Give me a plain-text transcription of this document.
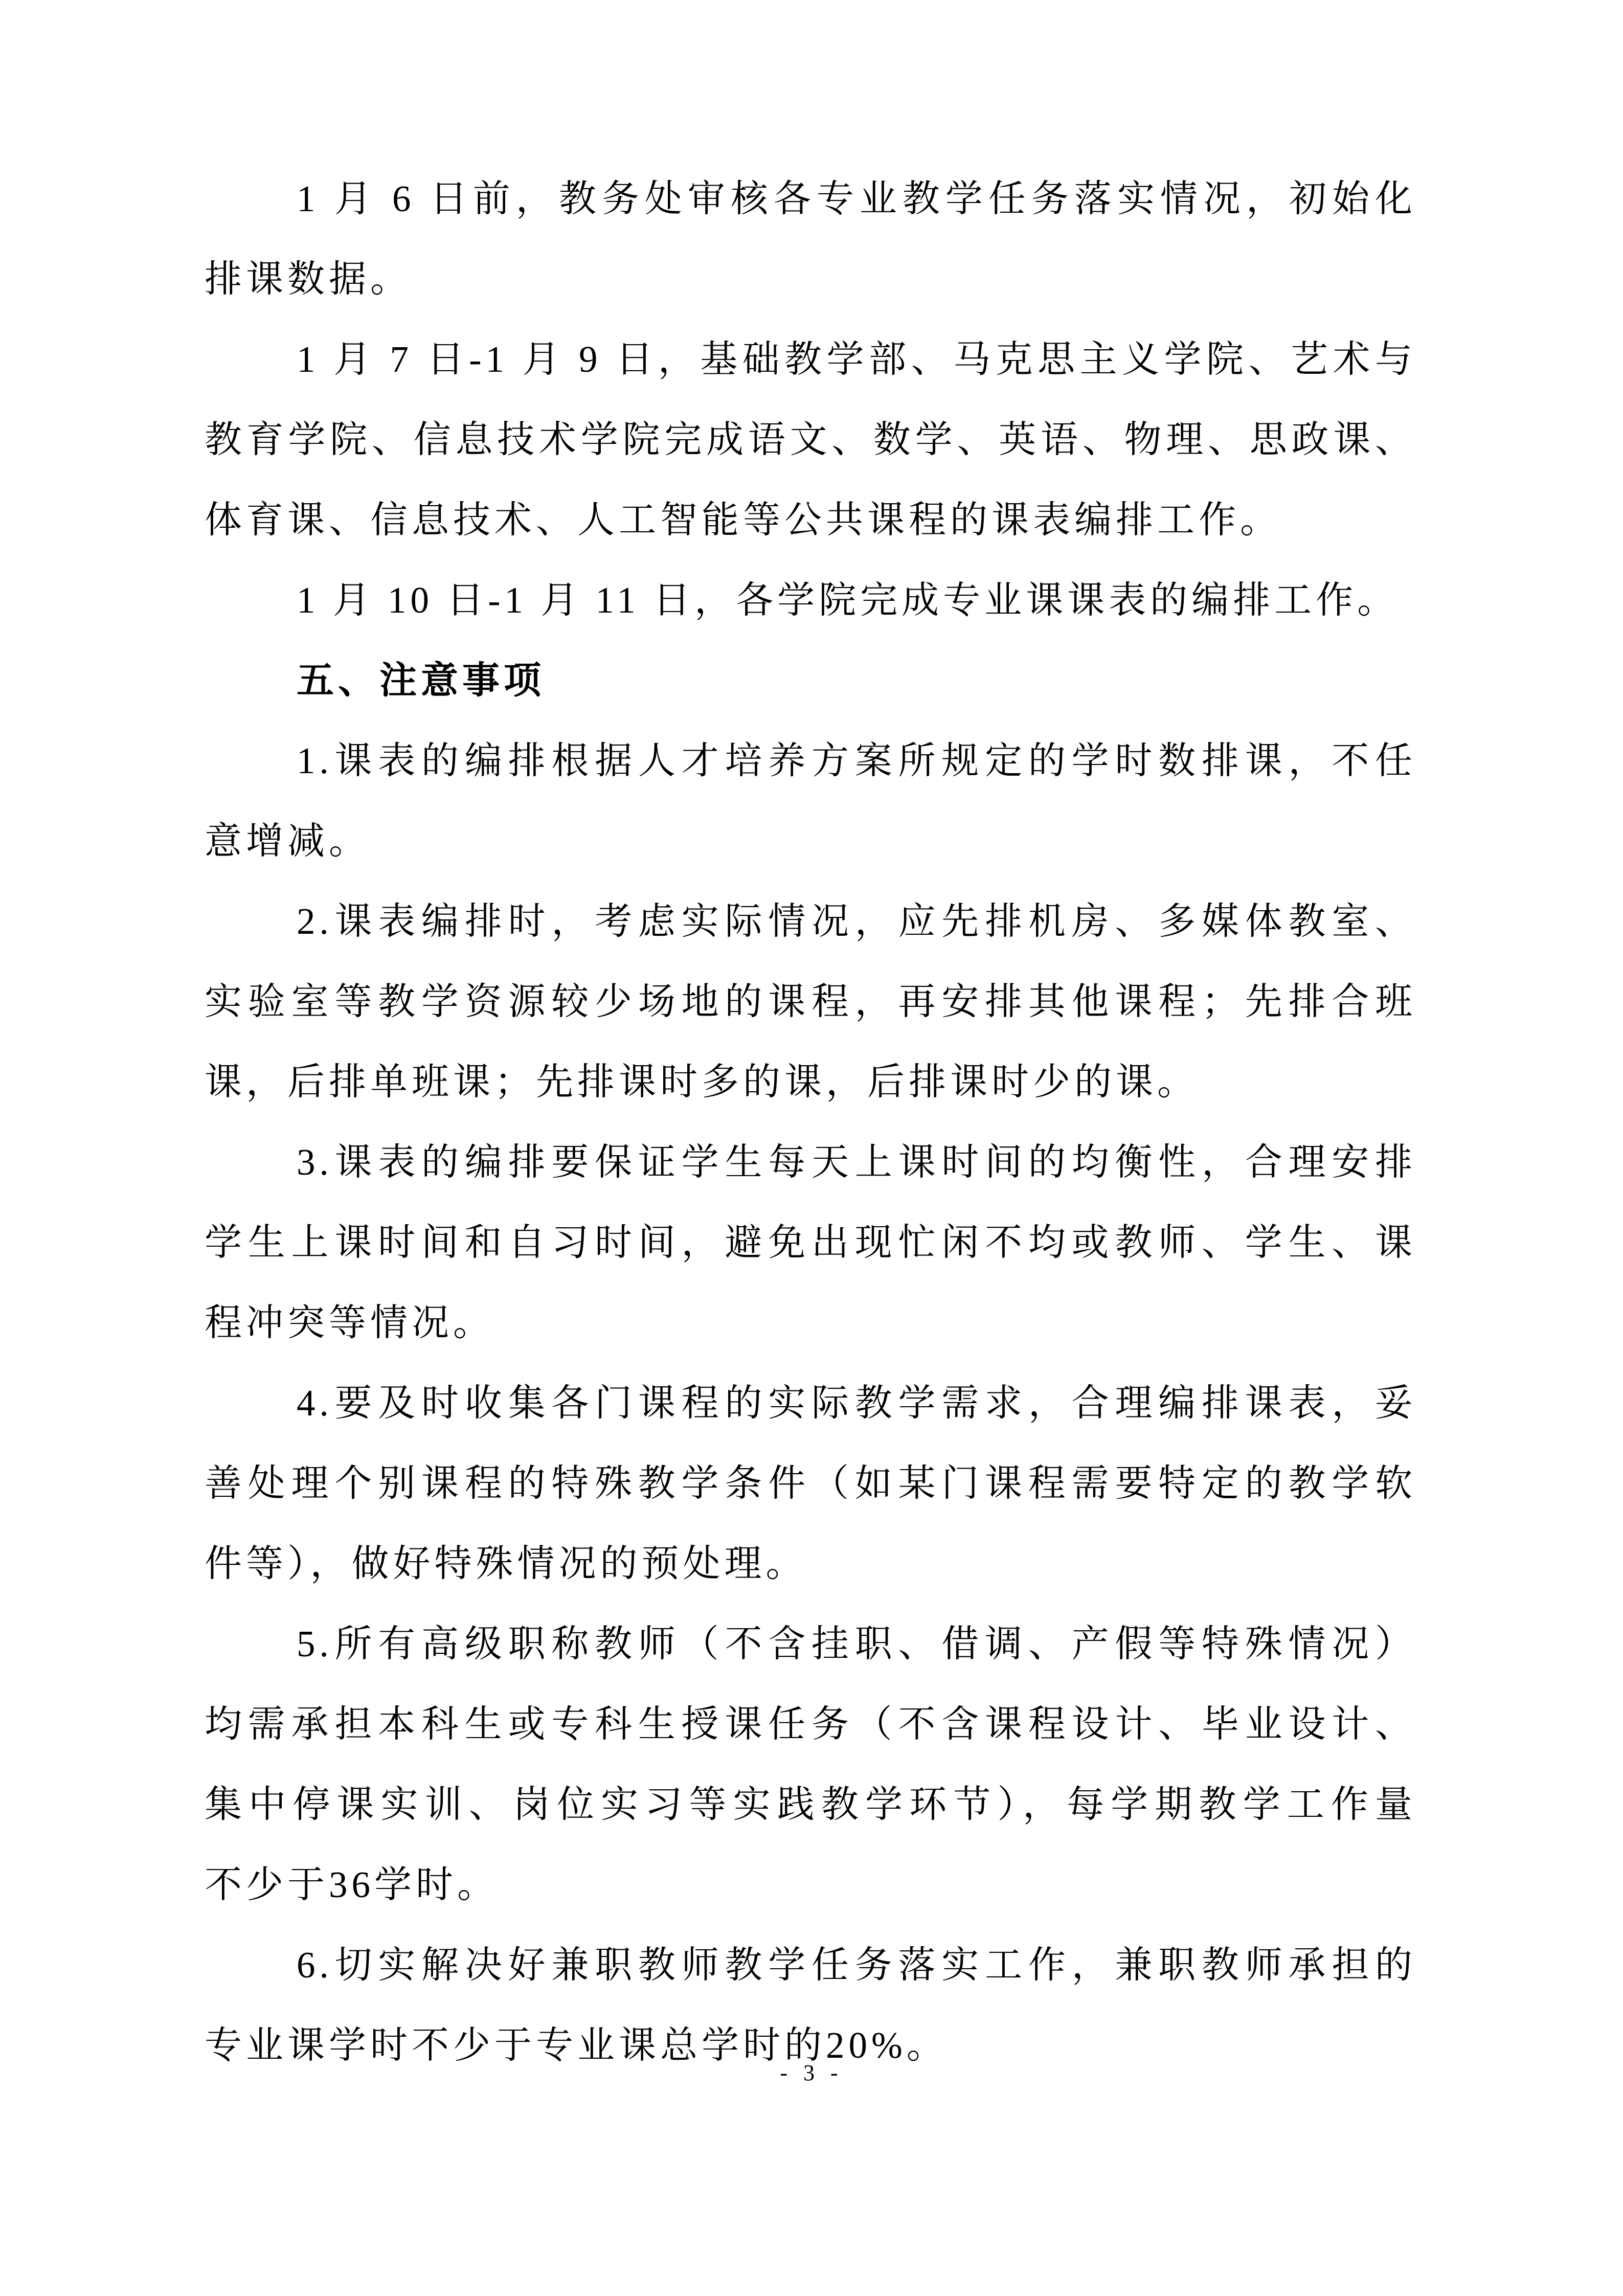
1 月 6 日前，教务处审核各专业教学任务落实情况，初始化
排课数据。
1 月 7 日-1 月 9 日，基础教学部、马克思主义学院、艺术与
教育学院、信息技术学院完成语文、数学、英语、物理、思政课、
体育课、信息技术、人工智能等公共课程的课表编排工作。
1 月 10 日-1 月 11 日，各学院完成专业课课表的编排工作。
五、注意事项
1.课表的编排根据人才培养方案所规定的学时数排课，不任
意增减。
2.课表编排时，考虑实际情况，应先排机房、多媒体教室、
实验室等教学资源较少场地的课程，再安排其他课程；先排合班
课，后排单班课；先排课时多的课，后排课时少的课。
3.课表的编排要保证学生每天上课时间的均衡性，合理安排
学生上课时间和自习时间，避免出现忙闲不均或教师、学生、课
程冲突等情况。
4.要及时收集各门课程的实际教学需求，合理编排课表，妥
善处理个别课程的特殊教学条件（如某门课程需要特定的教学软
件等），做好特殊情况的预处理。
5.所有高级职称教师（不含挂职、借调、产假等特殊情况）
均需承担本科生或专科生授课任务（不含课程设计、毕业设计、
集中停课实训、岗位实习等实践教学环节），每学期教学工作量
不少于36学时。
6.切实解决好兼职教师教学任务落实工作，兼职教师承担的
专业课学时不少于专业课总学时的20%。
- 3 -
